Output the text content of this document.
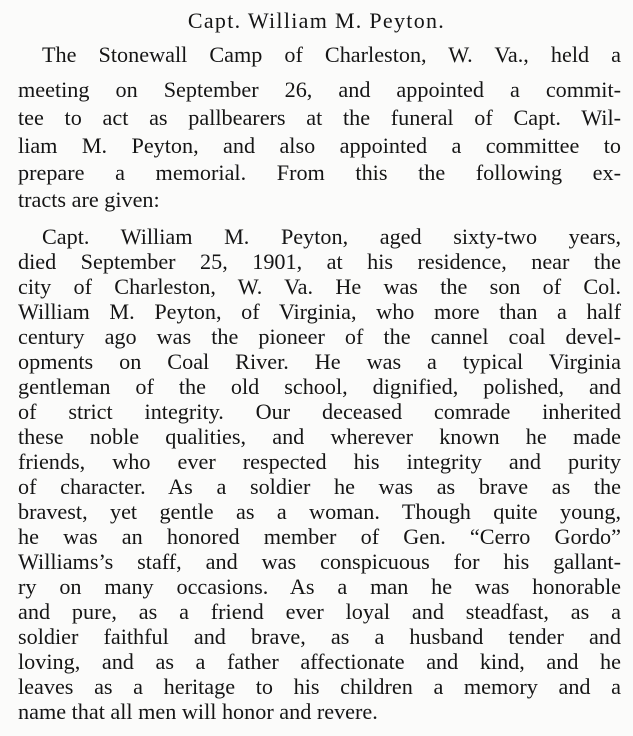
Capt. William M. Peyton.
The Stonewall Camp of Charleston, W. Va., held a
meeting on September 26, and appointed a commit-
tee to act as pallbearers at the funeral of Capt. Wil-
liam M. Peyton, and also appointed a committee to
prepare a memorial. From this the following ex-
tracts are given:
Capt. William M. Peyton, aged sixty-two years,
died September 25, 1901, at his residence, near the
city of Charleston, W. Va. He was the son of Col.
William M. Peyton, of Virginia, who more than a half
century ago was the pioneer of the cannel coal devel-
opments on Coal River. He was a typical Virginia
gentleman of the old school, dignified, polished, and
of strict integrity. Our deceased comrade inherited
these noble qualities, and wherever known he made
friends, who ever respected his integrity and purity
of character. As a soldier he was as brave as the
bravest, yet gentle as a woman. Though quite young,
he was an honored member of Gen. “Cerro Gordo”
Williams’s staff, and was conspicuous for his gallant-
ry on many occasions. As a man he was honorable
and pure, as a friend ever loyal and steadfast, as a
soldier faithful and brave, as a husband tender and
loving, and as a father affectionate and kind, and he
leaves as a heritage to his children a memory and a
name that all men will honor and revere.
